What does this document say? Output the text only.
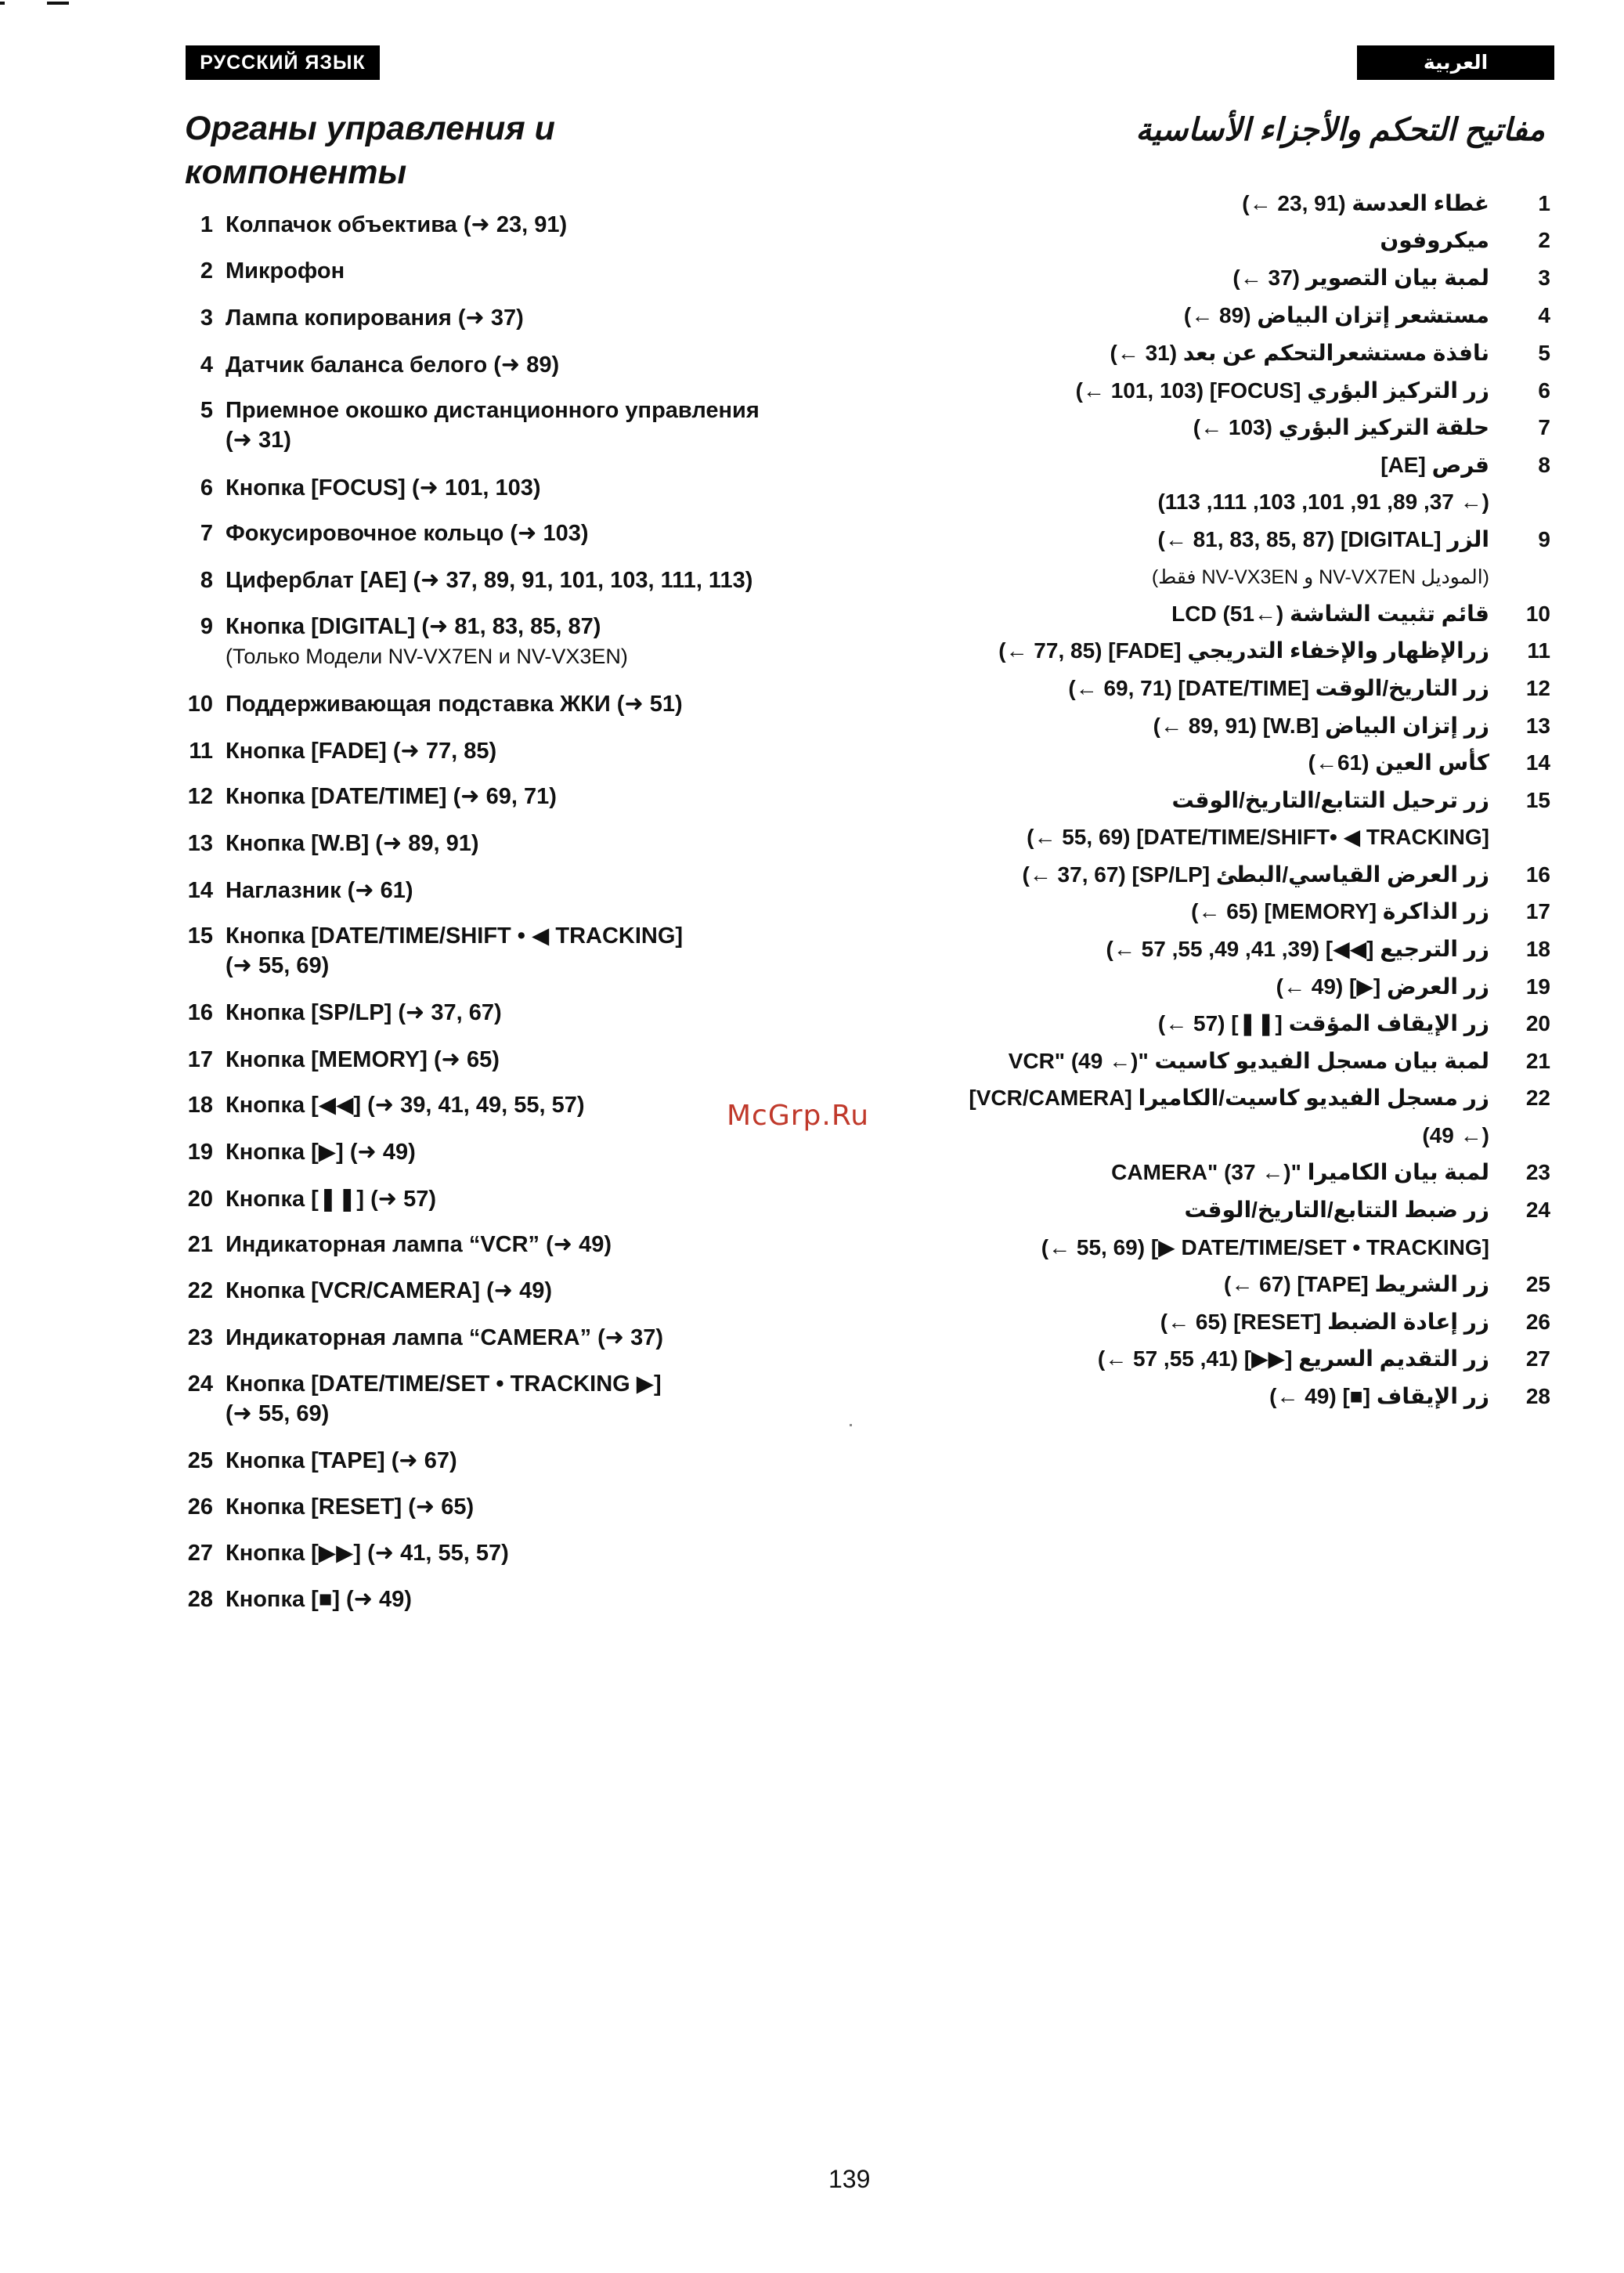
РУССКИЙ ЯЗЫК	العربية
Органы управления и компоненты
مفاتيح التحكم والأجزاء الأساسية
1 Колпачок объектива (➜ 23, 91)
2 Микрофон
3 Лампа копирования (➜ 37)
4 Датчик баланса белого (➜ 89)
5 Приемное окошко дистанционного управления
(➜ 31)
6 Кнопка [FOCUS] (➜ 101, 103)
7 Фокусировочное кольцо (➜ 103)
8 Циферблат [AE] (➜ 37, 89, 91, 101, 103, 111, 113)
9 Кнопка [DIGITAL] (➜ 81, 83, 85, 87)
(Только Модели NV-VX7EN и NV-VX3EN)
10 Поддерживающая подставка ЖКИ (➜ 51)
11 Кнопка [FADE] (➜ 77, 85)
12 Кнопка [DATE/TIME] (➜ 69, 71)
13 Кнопка [W.B] (➜ 89, 91)
14 Наглазник (➜ 61)
15 Кнопка [DATE/TIME/SHIFT • ◀ TRACKING]
(➜ 55, 69)
16 Кнопка [SP/LP] (➜ 37, 67)
17 Кнопка [MEMORY] (➜ 65)
18 Кнопка [◀◀] (➜ 39, 41, 49, 55, 57)
19 Кнопка [▶] (➜ 49)
20 Кнопка [❚❚] (➜ 57)
21 Индикаторная лампа “VCR” (➜ 49)
22 Кнопка [VCR/CAMERA] (➜ 49)
23 Индикаторная лампа “CAMERA” (➜ 37)
24 Кнопка [DATE/TIME/SET • TRACKING ▶]
(➜ 55, 69)
25 Кнопка [TAPE] (➜ 67)
26 Кнопка [RESET] (➜ 65)
27 Кнопка [▶▶] (➜ 41, 55, 57)
28 Кнопка [■] (➜ 49)
1
غطاء العدسة (91 ,23 ←)
2
ميكروفون
3
لمبة بيان التصوير (37 ←)
4
مستشعر إتزان البياض (89 ←)
5
نافذة مستشعرالتحكم عن بعد (31 ←)
6
زر التركيز البؤري [FOCUS] (101, 103 ←)
7
حلقة التركيز البؤري (103 ←)
8
قرص [AE]
(← 37, 89, 91, 101, 103, 111, 113)
9
الزر [DIGITAL] (81, 83, 85, 87 ←)
(الموديل NV-VX7EN و NV-VX3EN فقط)
10
قائم تثبيت الشاشة LCD (51←)
11
زرالإظهار والإخفاء التدريجي [FADE] (77, 85 ←)
12
زر التاريخ/الوقت [DATE/TIME] (69, 71 ←)
13
زر إتزان البياض [W.B] (89, 91 ←)
14
كأس العين (61←)
15
زر ترحيل التتابع/التاريخ/الوقت
[DATE/TIME/SHIFT• ◀ TRACKING] (55, 69 ←)
16
زر العرض القياسي/البطئ [SP/LP] (37, 67 ←)
17
زر الذاكرة [MEMORY] (65 ←)
18
زر الترجيع [◀◀] (39, 41, 49, 55, 57 ←)
19
زر العرض [▶] (49 ←)
20
زر الإيقاف المؤقت [❚❚] (57 ←)
21
لمبة بيان مسجل الفيديو كاسيت "VCR" (49 ←)
22
زر مسجل الفيديو كاسيت/الكاميرا [VCR/CAMERA]
(← 49)
23
لمبة بيان الكاميرا "CAMERA" (37 ←)
24
زر ضبط التتابع/التاريخ/الوقت
[DATE/TIME/SET • TRACKING ▶] (55, 69 ←)
25
زر الشريط [TAPE] (67 ←)
26
زر إعادة الضبط [RESET] (65 ←)
27
زر التقديم السريع [▶▶] (41, 55, 57 ←)
28
زر الإيقاف [■] (49 ←)
McGrp.Ru
139
